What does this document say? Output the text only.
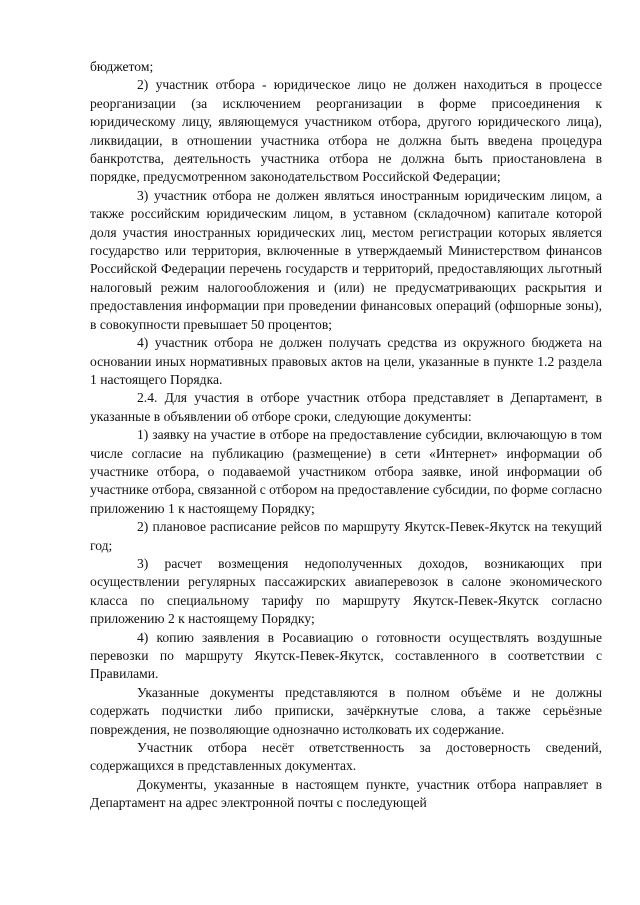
бюджетом;

2) участник отбора - юридическое лицо не должен находиться в процессе реорганизации (за исключением реорганизации в форме присоединения к юридическому лицу, являющемуся участником отбора, другого юридического лица), ликвидации, в отношении участника отбора не должна быть введена процедура банкротства, деятельность участника отбора не должна быть приостановлена в порядке, предусмотренном законодательством Российской Федерации;

3) участник отбора не должен являться иностранным юридическим лицом, а также российским юридическим лицом, в уставном (складочном) капитале которой доля участия иностранных юридических лиц, местом регистрации которых является государство или территория, включенные в утверждаемый Министерством финансов Российской Федерации перечень государств и территорий, предоставляющих льготный налоговый режим налогообложения и (или) не предусматривающих раскрытия и предоставления информации при проведении финансовых операций (офшорные зоны), в совокупности превышает 50 процентов;

4) участник отбора не должен получать средства из окружного бюджета на основании иных нормативных правовых актов на цели, указанные в пункте 1.2 раздела 1 настоящего Порядка.

2.4. Для участия в отборе участник отбора представляет в Департамент, в указанные в объявлении об отборе сроки, следующие документы:

1) заявку на участие в отборе на предоставление субсидии, включающую в том числе согласие на публикацию (размещение) в сети «Интернет» информации об участнике отбора, о подаваемой участником отбора заявке, иной информации об участнике отбора, связанной с отбором на предоставление субсидии, по форме согласно приложению 1 к настоящему Порядку;

2) плановое расписание рейсов по маршруту Якутск-Певек-Якутск на текущий год;

3) расчет возмещения недополученных доходов, возникающих при осуществлении регулярных пассажирских авиаперевозок в салоне экономического класса по специальному тарифу по маршруту Якутск-Певек-Якутск согласно приложению 2 к настоящему Порядку;

4) копию заявления в Росавиацию о готовности осуществлять воздушные перевозки по маршруту Якутск-Певек-Якутск, составленного в соответствии с Правилами.

Указанные документы представляются в полном объёме и не должны содержать подчистки либо приписки, зачёркнутые слова, а также серьёзные повреждения, не позволяющие однозначно истолковать их содержание.

Участник отбора несёт ответственность за достоверность сведений, содержащихся в представленных документах.

Документы, указанные в настоящем пункте, участник отбора направляет в Департамент на адрес электронной почты с последующей
